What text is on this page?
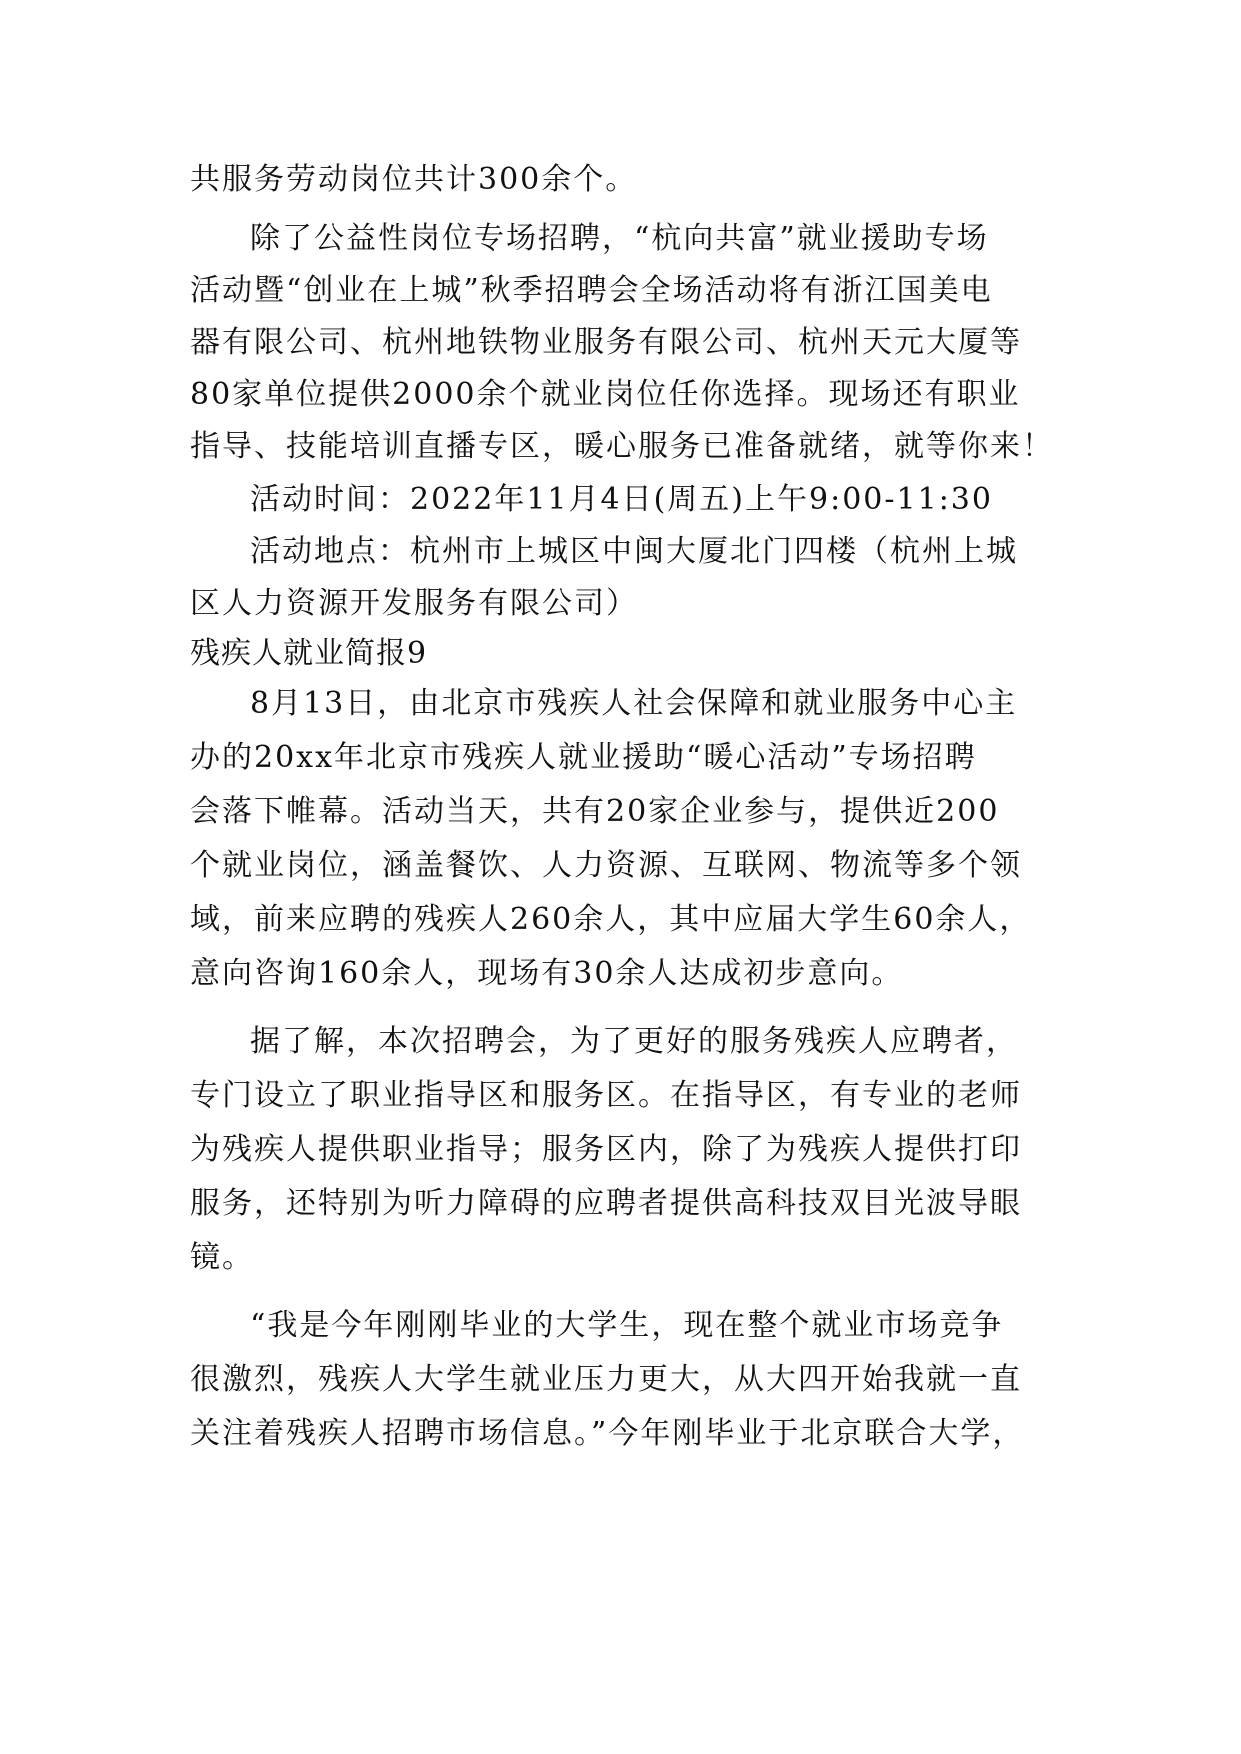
共服务劳动岗位共计300余个。
除了公益性岗位专场招聘，“杭向共富”就业援助专场
活动暨“创业在上城”秋季招聘会全场活动将有浙江国美电
器有限公司、杭州地铁物业服务有限公司、杭州天元大厦等
80家单位提供2000余个就业岗位任你选择。现场还有职业
指导、技能培训直播专区，暖心服务已准备就绪，就等你来！
活动时间：2022年11月4日(周五)上午9:00-11:30
活动地点：杭州市上城区中闽大厦北门四楼（杭州上城
区人力资源开发服务有限公司）
残疾人就业简报9
8月13日，由北京市残疾人社会保障和就业服务中心主
办的20xx年北京市残疾人就业援助“暖心活动”专场招聘
会落下帷幕。活动当天，共有20家企业参与，提供近200
个就业岗位，涵盖餐饮、人力资源、互联网、物流等多个领
域，前来应聘的残疾人260余人，其中应届大学生60余人，
意向咨询160余人，现场有30余人达成初步意向。
据了解，本次招聘会，为了更好的服务残疾人应聘者，
专门设立了职业指导区和服务区。在指导区，有专业的老师
为残疾人提供职业指导；服务区内，除了为残疾人提供打印
服务，还特别为听力障碍的应聘者提供高科技双目光波导眼
镜。
“我是今年刚刚毕业的大学生，现在整个就业市场竞争
很激烈，残疾人大学生就业压力更大，从大四开始我就一直
关注着残疾人招聘市场信息。”今年刚毕业于北京联合大学，
